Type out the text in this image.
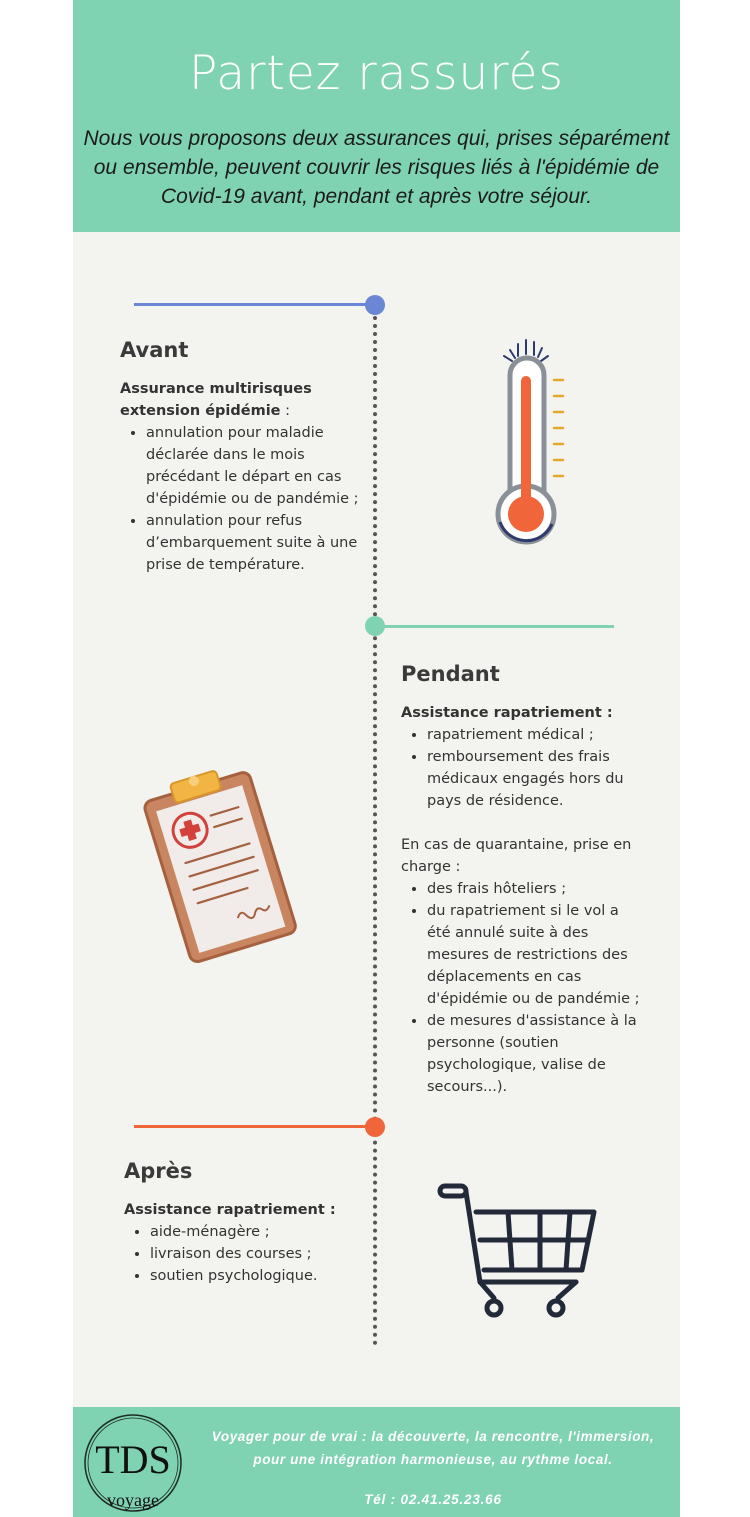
Partez rassurés

Nous vous proposons deux assurances qui, prises séparément ou ensemble, peuvent couvrir les risques liés à l'épidémie de Covid-19 avant, pendant et après votre séjour.

Avant

Assurance multirisques extension épidémie :

• annulation pour maladie déclarée dans le mois précédant le départ en cas d'épidémie ou de pandémie ;
• annulation pour refus d’embarquement suite à une prise de température.
Pendant

Assistance rapatriement :

• rapatriement médical ;
• remboursement des frais médicaux engagés hors du pays de résidence.

En cas de quarantaine, prise en charge :

• des frais hôteliers ;
• du rapatriement si le vol a été annulé suite à des mesures de restrictions des déplacements en cas d'épidémie ou de pandémie ;
• de mesures d'assistance à la personne (soutien psychologique, valise de secours...).
Après

Assistance rapatriement :

• aide-ménagère ;
• livraison des courses ;
• soutien psychologique.
TDS
voyage

Voyager pour de vrai : la découverte, la rencontre, l'immersion,
pour une intégration harmonieuse, au rythme local.

Tél : 02.41.25.23.66
